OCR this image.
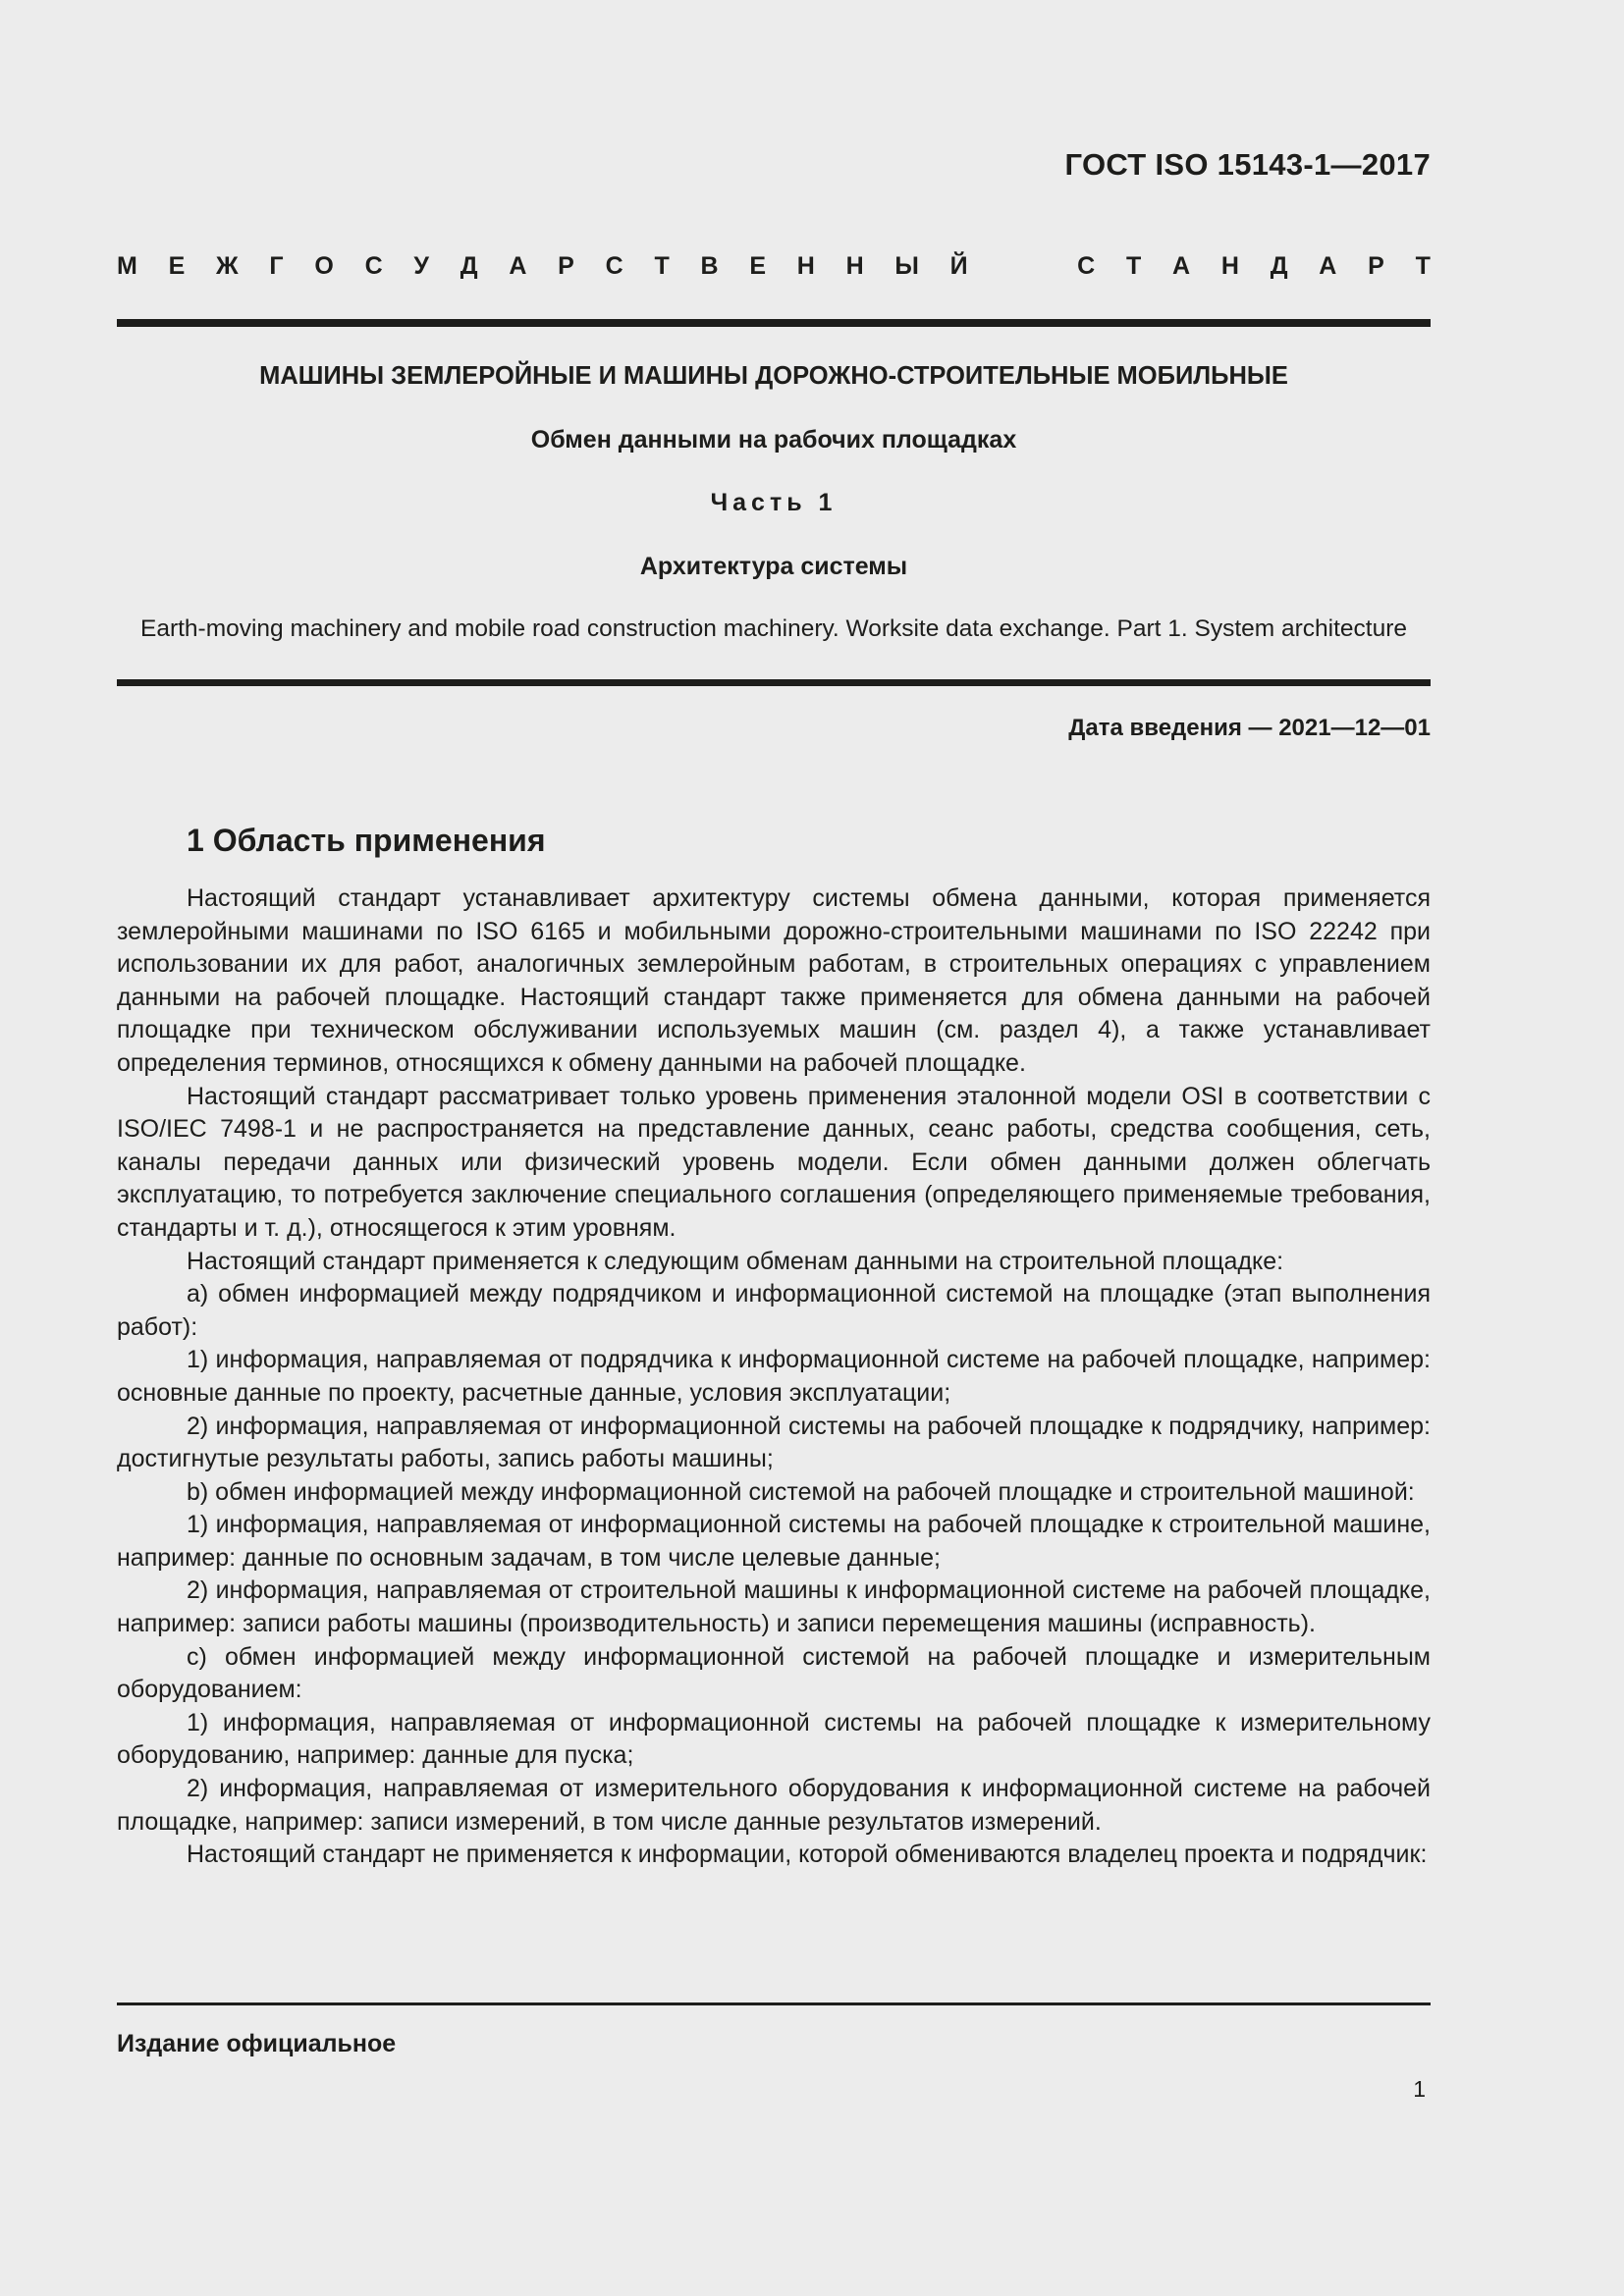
ГОСТ ISO 15143-1—2017
М Е Ж Г О С У Д А Р С Т В Е Н Н Ы Й	С Т А Н Д А Р Т
МАШИНЫ ЗЕМЛЕРОЙНЫЕ И МАШИНЫ ДОРОЖНО-СТРОИТЕЛЬНЫЕ МОБИЛЬНЫЕ
Обмен данными на рабочих площадках
Часть 1
Архитектура системы
Earth-moving machinery and mobile road construction machinery. Worksite data exchange. Part 1. System architecture
Дата введения — 2021—12—01
1 Область применения

Настоящий стандарт устанавливает архитектуру системы обмена данными, которая применяется землеройными машинами по ISO 6165 и мобильными дорожно-строительными машинами по ISO 22242 при использовании их для работ, аналогичных землеройным работам, в строительных операциях с управлением данными на рабочей площадке. Настоящий стандарт также применяется для обмена данными на рабочей площадке при техническом обслуживании используемых машин (см. раздел 4), а также устанавливает определения терминов, относящихся к обмену данными на рабочей площадке.

Настоящий стандарт рассматривает только уровень применения эталонной модели OSI в соответствии с ISO/IEC 7498-1 и не распространяется на представление данных, сеанс работы, средства сообщения, сеть, каналы передачи данных или физический уровень модели. Если обмен данными должен облегчать эксплуатацию, то потребуется заключение специального соглашения (определяющего применяемые требования, стандарты и т. д.), относящегося к этим уровням.

Настоящий стандарт применяется к следующим обменам данными на строительной площадке:

a) обмен информацией между подрядчиком и информационной системой на площадке (этап выполнения работ):

1) информация, направляемая от подрядчика к информационной системе на рабочей площадке, например: основные данные по проекту, расчетные данные, условия эксплуатации;

2) информация, направляемая от информационной системы на рабочей площадке к подрядчику, например: достигнутые результаты работы, запись работы машины;

b) обмен информацией между информационной системой на рабочей площадке и строительной машиной:

1) информация, направляемая от информационной системы на рабочей площадке к строительной машине, например: данные по основным задачам, в том числе целевые данные;

2) информация, направляемая от строительной машины к информационной системе на рабочей площадке, например: записи работы машины (производительность) и записи перемещения машины (исправность).

c) обмен информацией между информационной системой на рабочей площадке и измерительным оборудованием:

1) информация, направляемая от информационной системы на рабочей площадке к измерительному оборудованию, например: данные для пуска;

2) информация, направляемая от измерительного оборудования к информационной системе на рабочей площадке, например: записи измерений, в том числе данные результатов измерений.

Настоящий стандарт не применяется к информации, которой обмениваются владелец проекта и подрядчик:

Издание официальное
1
